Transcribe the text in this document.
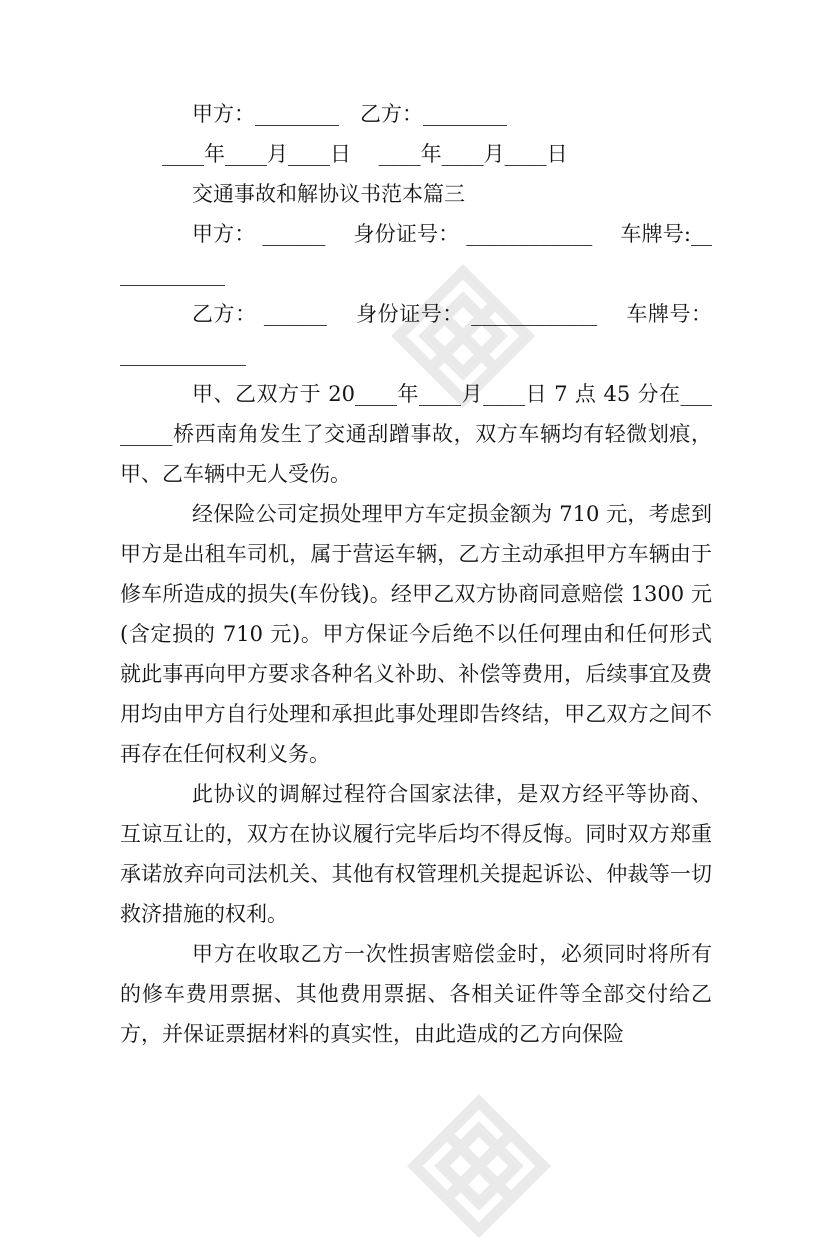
甲方：________　乙方：________

____年____月____日　 ____年____月____日

交通事故和解协议书范本篇三

甲方： ______　 身份证号： ____________　 车牌号:____________

乙方： ______　 身份证号： ____________　 车牌号：____________

甲、乙双方于 20____年____月____日 7 点 45 分在________桥西南角发生了交通刮蹭事故，双方车辆均有轻微划痕，甲、乙车辆中无人受伤。

经保险公司定损处理甲方车定损金额为 710 元，考虑到甲方是出租车司机，属于营运车辆，乙方主动承担甲方车辆由于修车所造成的损失(车份钱)。经甲乙双方协商同意赔偿 1300 元(含定损的 710 元)。甲方保证今后绝不以任何理由和任何形式就此事再向甲方要求各种名义补助、补偿等费用，后续事宜及费用均由甲方自行处理和承担此事处理即告终结，甲乙双方之间不再存在任何权利义务。

此协议的调解过程符合国家法律，是双方经平等协商、互谅互让的，双方在协议履行完毕后均不得反悔。同时双方郑重承诺放弃向司法机关、其他有权管理机关提起诉讼、仲裁等一切救济措施的权利。

甲方在收取乙方一次性损害赔偿金时，必须同时将所有的修车费用票据、其他费用票据、各相关证件等全部交付给乙方，并保证票据材料的真实性，由此造成的乙方向保险
